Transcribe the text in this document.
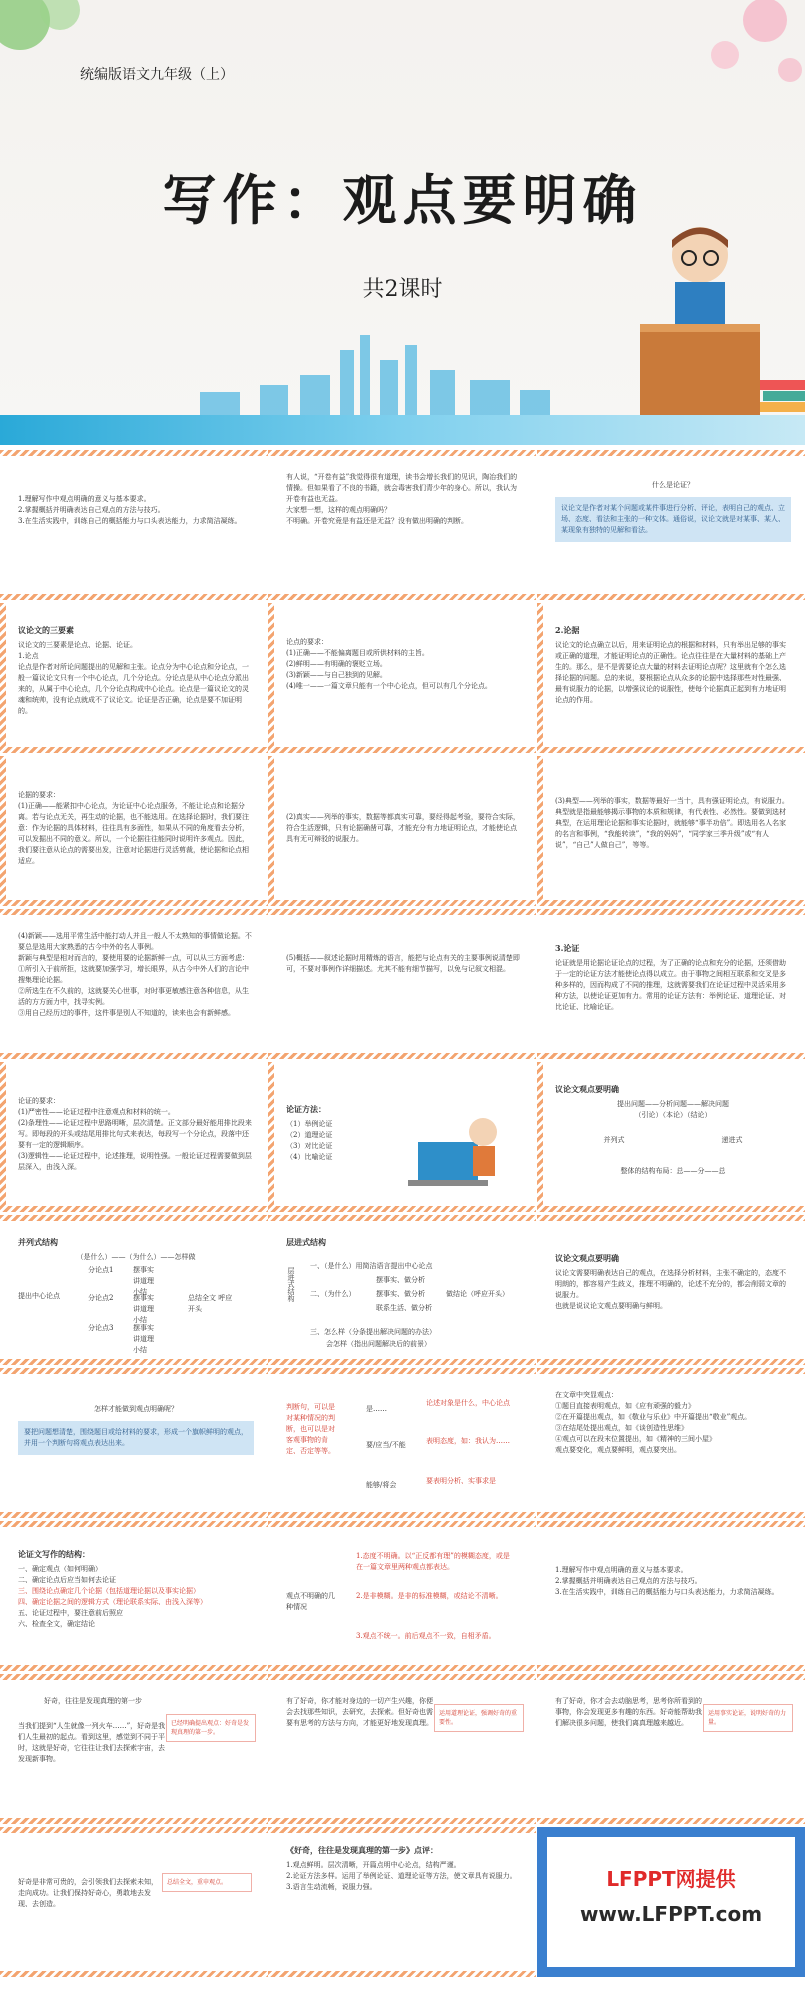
统编版语文九年级（上）
写作：观点要明确
共2课时
1.理解写作中观点明确的意义与基本要求。
2.掌握概括并明确表达自己观点的方法与技巧。
3.在生活实践中，训练自己的概括能力与口头表达能力，力求简洁凝练。
有人说，“开卷有益”我觉得很有道理，读书会增长我们的见识，陶冶我们的情操。但如果看了不良的书籍，就会毒害我们青少年的身心。所以，我认为开卷有益也无益。
大家想一想，这样的观点明确吗？
不明确。开卷究竟是有益还是无益？没有做出明确的判断。
什么是论证？
议论文是作者对某个问题或某件事进行分析、评论，表明自己的观点、立场、态度、看法和主张的一种文体。通俗说，议论文就是对某事、某人、某现象有独特的见解和看法。
议论文的三要素
议论文的三要素是论点、论据、论证。
1.论点
论点是作者对所论问题提出的见解和主张。论点分为中心论点和分论点，一般一篇议论文只有一个中心论点，几个分论点。分论点是从中心论点分派出来的，从属于中心论点，几个分论点构成中心论点。论点是一篇议论文的灵魂和统帅，没有论点就成不了议论文。论证是否正确，论点是要不加证明的。
论点的要求：
(1)正确——不能偏离题目或所供材料的主旨。
(2)鲜明——有明确的褒贬立场。
(3)新颖——与自己独到的见解。
(4)唯一——一篇文章只能有一个中心论点，但可以有几个分论点。
2.论据
议论文的论点确立以后，用来证明论点的根据和材料，只有举出足够的事实或正确的道理，才能证明论点的正确性。论点往往是在大量材料的基础上产生的。那么，是不是需要论点大量的材料去证明论点呢？这里就有个怎么选择论据的问题。总的来说，要根据论点从众多的论据中选择那些对性最强、最有说服力的论据，以增强议论的说服性，使每个论据真正起到有力地证明论点的作用。
论据的要求：
(1)正确——能紧扣中心论点，为论证中心论点服务，不能让论点和论据分离。若与论点无关，再生动的论据，也不能选用。在选择论据时，我们要注意：作为论据的具体材料，往往具有多面性，如果从不同的角度看去分析，可以发掘出不同的意义。所以，一个论据往往能同时说明许多观点。因此，我们要注意从论点的需要出发，注意对论据进行灵活剪裁，使论据和论点相适应。
(2)真实——列举的事实，数据等都真实可靠，要经得起考验，要符合实际，符合生活逻辑，只有论据确凿可靠，才能充分有力地证明论点，才能使论点具有无可辩驳的说服力。
(3)典型——列举的事实，数据等最好一当十，具有强证明论点，有说服力。典型就是指最能够揭示事物的本质和规律，有代表性、必然性。要做到选材典型，在运用理论论据和事实论据时，就能够“事半功倍”。即选用名人名家的名言和事例，“我能转读”，“我的妈妈”，“同学家三季升级”或“有人说”，“自己”人做自己”，等等。
(4)新颖——选用平常生活中能打动人并且一般人不太熟知的事情做论据。不要总是选用大家熟悉的古今中外的名人事例。
新颖与典型是相对而言的，要使用要的论据新鲜一点，可以从三方面考虑：
①所引入于前所拒，这就要加强学习，增长眼界，从古今中外人们的言论中搜集理论论据。
②所选生在不久前的，这就要关心世事，对时事更敏感注意各种信息，从生活的方方面力中，找寻实例。
③用自己经历过的事件，这件事是别人不知道的，读来也会有新鲜感。
(5)概括——叙述论据时用精炼的语言，能把与论点有关的主要事例说清楚即可，不要对事例作详细描述。尤其不能有细节描写，以免与记叙文相混。
3.论证
论证就是用论据论证论点的过程，为了正确的论点和充分的论据，还须借助于一定的论证方法才能使论点得以成立。由于事物之间相互联系和交叉是多种多样的，因而构成了不同的推理，这就需要我们在论证过程中灵活采用多种方法，以使论证更加有力。常用的论证方法有：举例论证、道理论证、对比论证、比喻论证。
论证的要求：
(1)严密性——论证过程中注意观点和材料的统一。
(2)条理性——论证过程中思路明晰，层次清楚。正文部分最好能用排比段来写。即每段的开头或结尾用排比句式来表达，每段写一个分论点，段落中还要有一定的逻辑顺序。
(3)逻辑性——论证过程中，论述推理，说明性强。一般论证过程需要做到层层深入，由浅入深。
论证方法：
（1）举例论证
（2）道理论证
（3）对比论证
（4）比喻论证
议论文观点要明确
提出问题——分析问题——解决问题
（引论）（本论）（结论）
并列式	递进式
整体的结构布局：总——分——总
并列式结构
（是什么）——（为什么）——怎样做
提出中心论点
分论点1
分论点2
分论点3
摆事实 讲道理 小结
摆事实 讲道理 小结
摆事实 讲道理 小结
总结全文 呼应开头
层进式结构
层进式结构
一、（是什么）用简洁语言提出中心论点
二、（为什么）
摆事实、做分析
摆事实、做分析
联系生活、做分析
做结论（呼应开头）
三、怎么样（分条提出解决问题的办法）
会怎样（指出问题解决后的前景）
议论文观点要明确
议论文需要明确表达自己的观点，在选择分析材料，主张不确定的，态度不明朗的，都容易产生歧义，推理不明确的，论述不充分的，都会削弱文章的说服力。
也就是说议论文观点要明确与鲜明。
怎样才能做到观点明确呢？
要把问题想清楚，围绕题目或给材料的要求，形成一个旗帜鲜明的观点，并用一个判断句将观点表达出来。
判断句，可以是对某种情况的判断，也可以是对客观事物的肯定、否定等等。
是……
要/应当/不能
能够/将会
论述对象是什么，中心论点
表明态度，如：我认为……
要表明分析、实事求是
在文章中突显观点：
①题目直接表明观点，如《应有顽强的毅力》
②在开篇提出观点，如《敬业与乐业》中开篇提出“敬业”观点。
③在结尾处提出观点，如《谈创造性思维》
④观点可以在段末位置提出，如《精神的三间小屋》
观点要变化，观点要鲜明，观点要突出。
论证文写作的结构：
一、确定观点（如何明确）
二、确定论点后应当如何去论证
三、围绕论点确定几个论据（包括道理论据以及事实论据）
四、确定论据之间的逻辑方式（理论联系实际、由浅入深等）
五、论证过程中，要注意前后照应
六、检查全文，确定结论
观点不明确的几种情况
1.态度不明确。以“正反都有理”的模糊态度，或是在一篇文章里两种观点都表达。
2.是非模糊。是非的标准模糊，或结论不清晰。
3.观点不统一。前后观点不一致，自相矛盾。
1.理解写作中观点明确的意义与基本要求。
2.掌握概括并明确表达自己观点的方法与技巧。
3.在生活实践中，训练自己的概括能力与口头表达能力，力求简洁凝练。
好奇，往往是发现真理的第一步
当我们提到“人生就像一列火车……”，好奇是我们人生最初的起点。看到这里，感觉到不同于平时，这就是好奇，它往往让我们去探索宇宙，去发现新事物。
已经明确提出观点：好奇是发现真理的第一步。
有了好奇，你才能对身边的一切产生兴趣，你便会去找那些知识，去研究，去探索。但好奇也需要有思考的方法与方向，才能更好地发现真理。
运用道理论证，强调好奇的重要性。
有了好奇，你才会去动脑思考，思考你所看到的事物，你会发现更多有趣的东西。好奇能帮助我们解决很多问题，使我们离真理越来越近。
运用事实论证，说明好奇的力量。
好奇是非常可贵的，会引领我们去探索未知，走向成功。让我们保持好奇心，勇敢地去发现、去创造。
总结全文，重申观点。
《好奇，往往是发现真理的第一步》点评：
1.观点鲜明。层次清晰，开篇点明中心论点，结构严谨。
2.论证方法多样。运用了举例论证、道理论证等方法，使文章具有说服力。
3.语言生动流畅，说服力强。	LFPPT网提供
www.LFPPT.com
